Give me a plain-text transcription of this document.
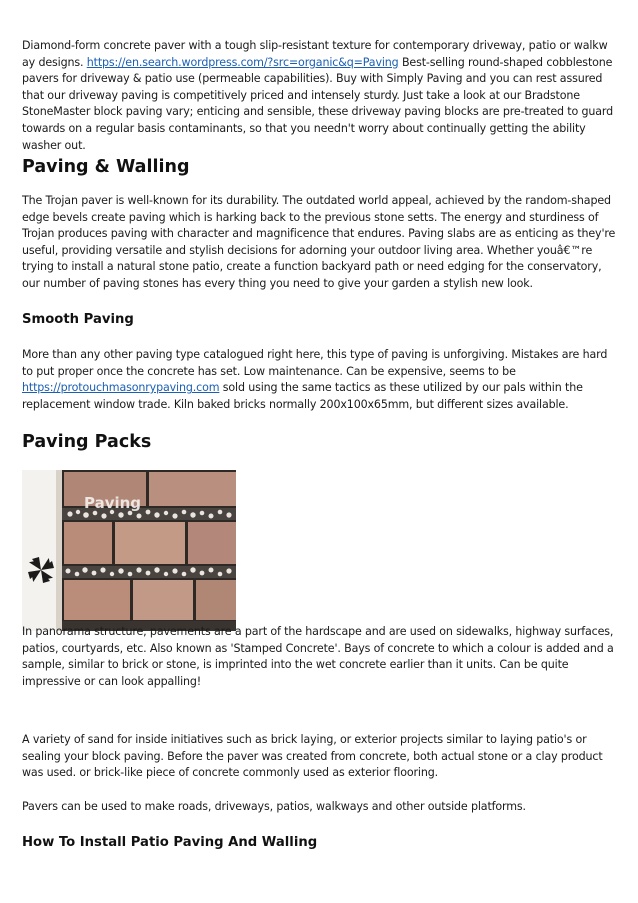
Diamond-form concrete paver with a tough slip-resistant texture for contemporary driveway, patio or walkw ay designs. https://en.search.wordpress.com/?src=organic&q=Paving Best-selling round-shaped cobblestone pavers for driveway & patio use (permeable capabilities). Buy with Simply Paving and you can rest assured that our driveway paving is competitively priced and intensely sturdy. Just take a look at our Bradstone StoneMaster block paving vary; enticing and sensible, these driveway paving blocks are pre-treated to guard towards on a regular basis contaminants, so that you needn't worry about continually getting the ability washer out.

Paving & Walling

The Trojan paver is well-known for its durability. The outdated world appeal, achieved by the random-shaped edge bevels create paving which is harking back to the previous stone setts. The energy and sturdiness of Trojan produces paving with character and magnificence that endures. Paving slabs are as enticing as they're useful, providing versatile and stylish decisions for adorning your outdoor living area. Whether youâ€™re trying to install a natural stone patio, create a function backyard path or need edging for the conservatory, our number of paving stones has every thing you need to give your garden a stylish new look.

Smooth Paving

More than any other paving type catalogued right here, this type of paving is unforgiving. Mistakes are hard to put proper once the concrete has set. Low maintenance. Can be expensive, seems to be https://protouchmasonrypaving.com sold using the same tactics as these utilized by our pals within the replacement window trade. Kiln baked bricks normally 200x100x65mm, but different sizes available.

Paving Packs
Paving

In panorama structure, pavements are a part of the hardscape and are used on sidewalks, highway surfaces, patios, courtyards, etc. Also known as 'Stamped Concrete'. Bays of concrete to which a colour is added and a sample, similar to brick or stone, is imprinted into the wet concrete earlier than it units. Can be quite impressive or can look appalling!

A variety of sand for inside initiatives such as brick laying, or exterior projects similar to laying patio's or sealing your block paving. Before the paver was created from concrete, both actual stone or a clay product was used. or brick-like piece of concrete commonly used as exterior flooring.

Pavers can be used to make roads, driveways, patios, walkways and other outside platforms.

How To Install Patio Paving And Walling
